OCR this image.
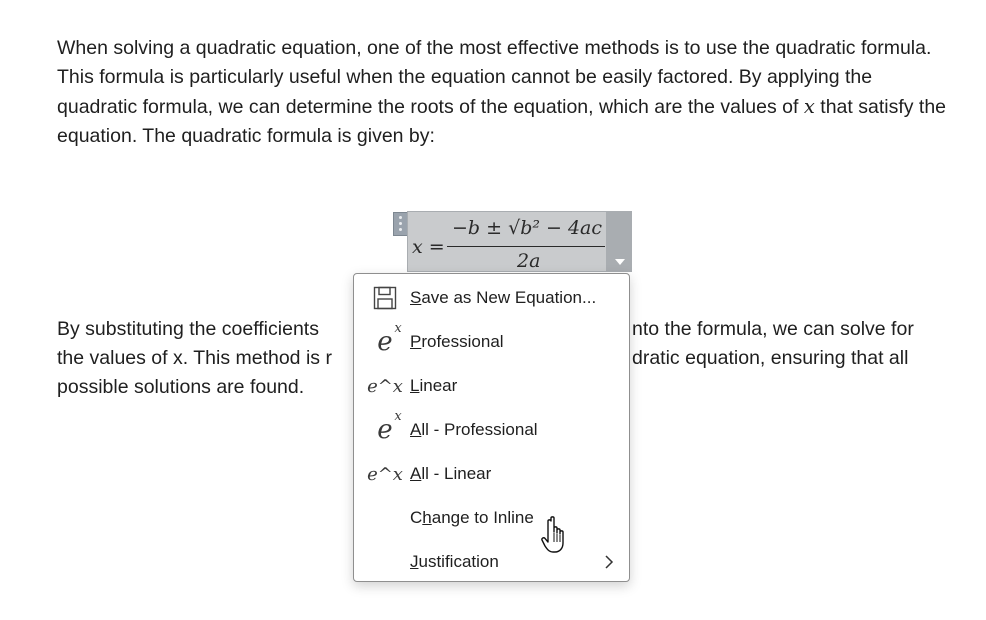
When solving a quadratic equation, one of the most effective methods is to use the quadratic formula. This formula is particularly useful when the equation cannot be easily factored. By applying the quadratic formula, we can determine the roots of the equation, which are the values of x that satisfy the equation. The quadratic formula is given by:

x =
−b ± √b² − 4ac
2a
By substituting the coefficients	nto the formula, we can solve for
the values of x. This method is r	dratic equation, ensuring that all
possible solutions are found.
Save as New Equation...
e x
Professional
e^x Linear
e x
All - Professional
e^x All - Linear
Change to Inline
Justification
